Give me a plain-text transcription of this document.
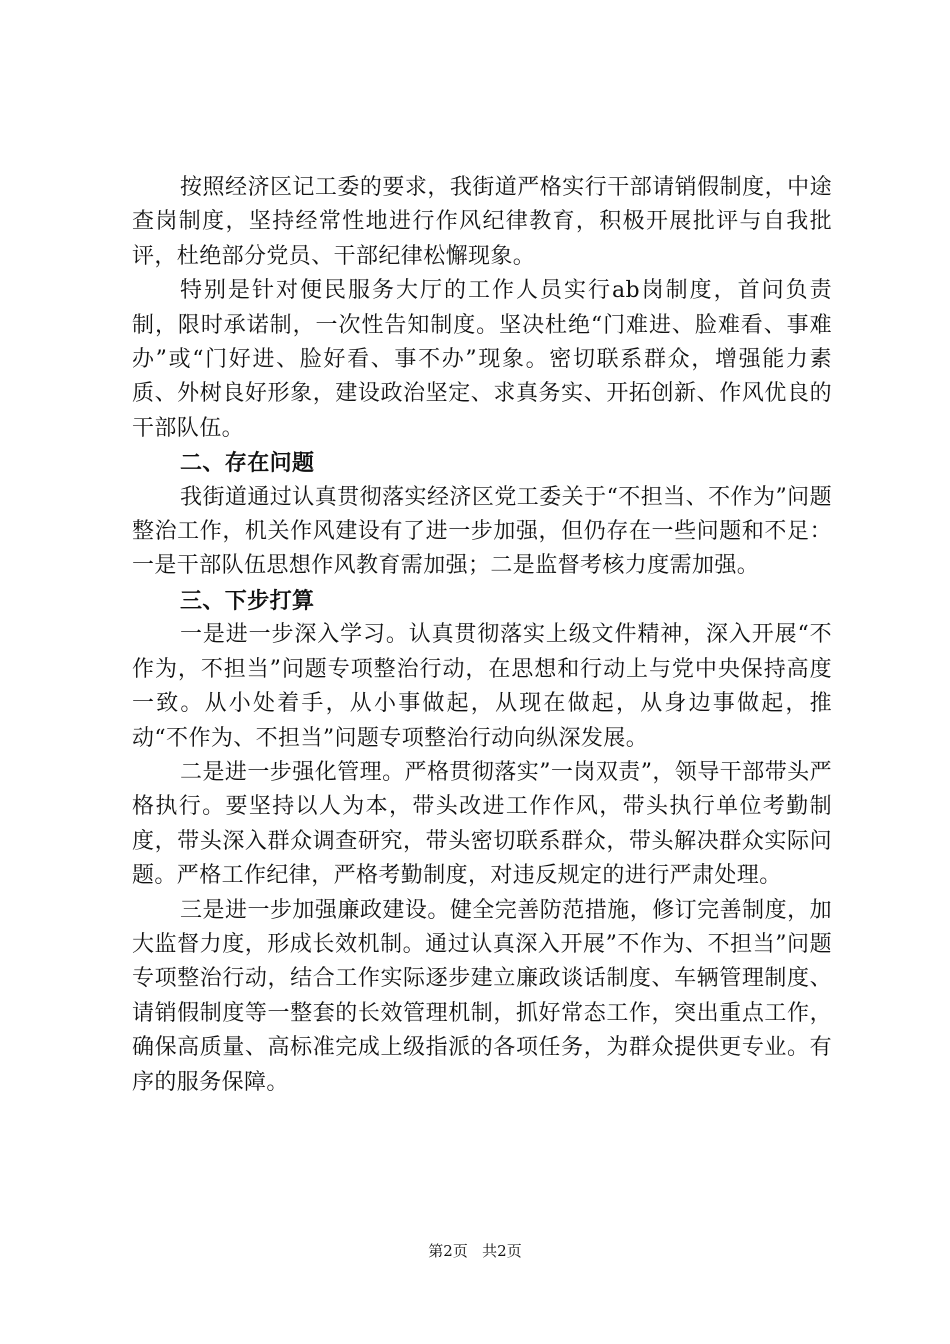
按照经济区记工委的要求，我街道严格实行干部请销假制度，中途查岗制度，坚持经常性地进行作风纪律教育，积极开展批评与自我批评，杜绝部分党员、干部纪律松懈现象。

特别是针对便民服务大厅的工作人员实行ab岗制度，首问负责制，限时承诺制，一次性告知制度。坚决杜绝“门难进、脸难看、事难办”或“门好进、脸好看、事不办”现象。密切联系群众，增强能力素质、外树良好形象，建设政治坚定、求真务实、开拓创新、作风优良的干部队伍。

二、存在问题

我街道通过认真贯彻落实经济区党工委关于“不担当、不作为”问题整治工作，机关作风建设有了进一步加强，但仍存在一些问题和不足：一是干部队伍思想作风教育需加强；二是监督考核力度需加强。

三、下步打算

一是进一步深入学习。认真贯彻落实上级文件精神，深入开展“不作为，不担当”问题专项整治行动，在思想和行动上与党中央保持高度一致。从小处着手，从小事做起，从现在做起，从身边事做起，推动“不作为、不担当”问题专项整治行动向纵深发展。

二是进一步强化管理。严格贯彻落实”一岗双责”，领导干部带头严格执行。要坚持以人为本，带头改进工作作风，带头执行单位考勤制度，带头深入群众调查研究，带头密切联系群众，带头解决群众实际问题。严格工作纪律，严格考勤制度，对违反规定的进行严肃处理。

三是进一步加强廉政建设。健全完善防范措施，修订完善制度，加大监督力度，形成长效机制。通过认真深入开展”不作为、不担当”问题专项整治行动，结合工作实际逐步建立廉政谈话制度、车辆管理制度、请销假制度等一整套的长效管理机制，抓好常态工作，突出重点工作，确保高质量、高标准完成上级指派的各项任务，为群众提供更专业。有序的服务保障。

第2页 共2页
